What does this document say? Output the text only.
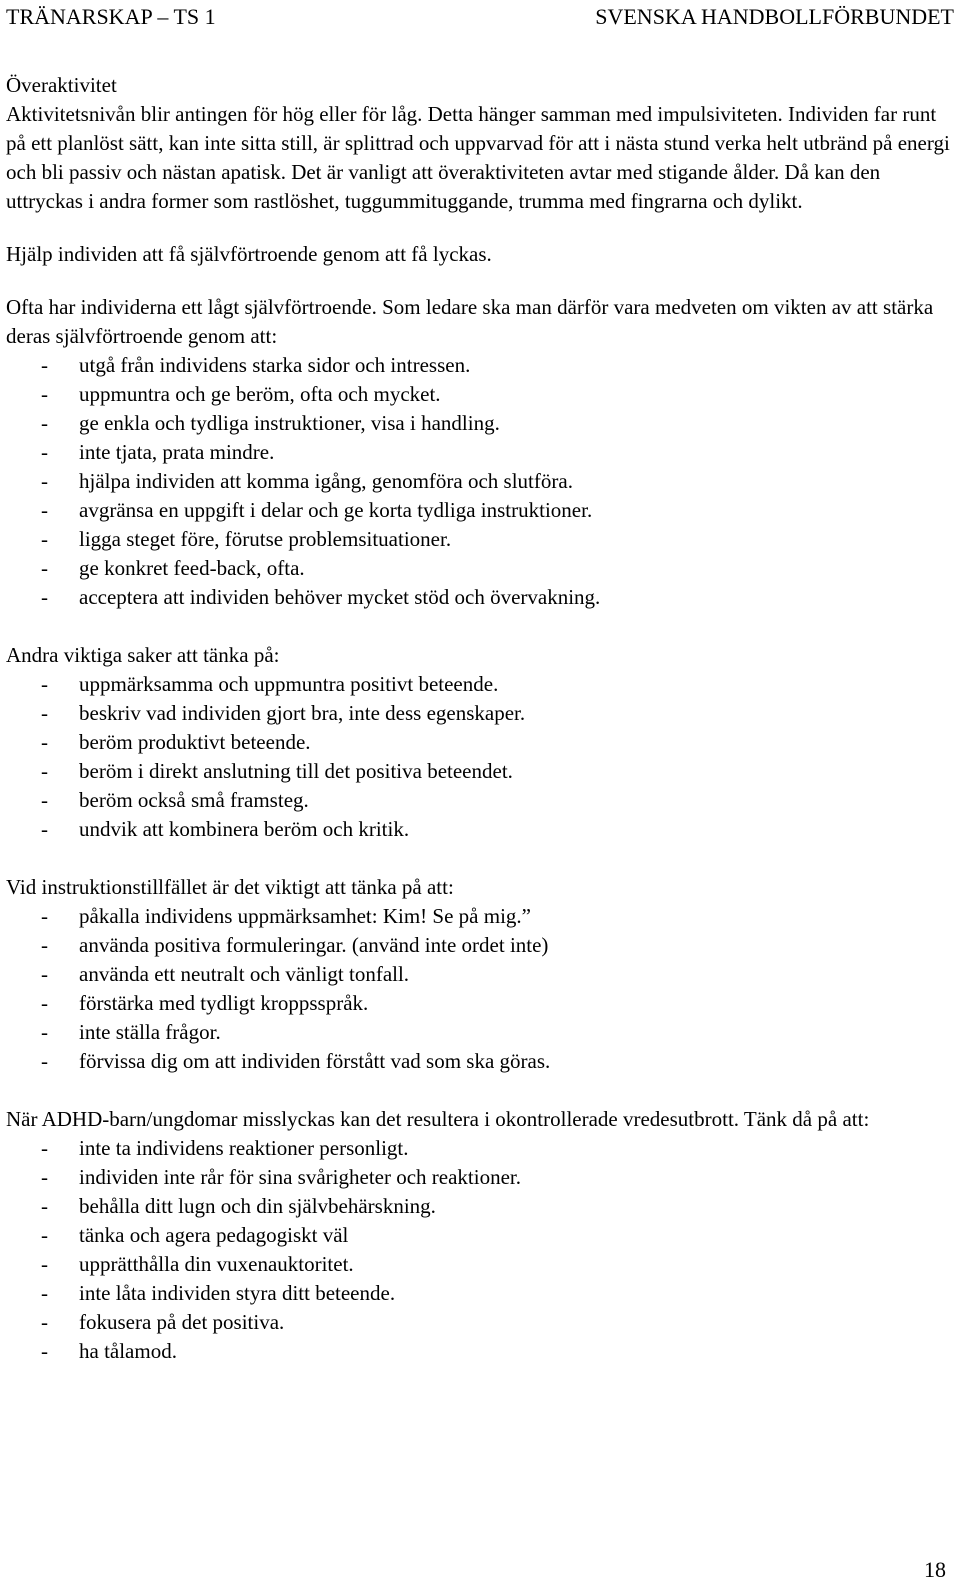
TRÄNARSKAP – TS 1	SVENSKA HANDBOLLFÖRBUNDET

Överaktivitet

Aktivitetsnivån blir antingen för hög eller för låg. Detta hänger samman med impulsiviteten. Individen far runt på ett planlöst sätt, kan inte sitta still, är splittrad och uppvarvad för att i nästa stund verka helt utbränd på energi och bli passiv och nästan apatisk. Det är vanligt att överaktiviteten avtar med stigande ålder. Då kan den uttryckas i andra former som rastlöshet, tuggummituggande, trumma med fingrarna och dylikt.

Hjälp individen att få självförtroende genom att få lyckas.

Ofta har individerna ett lågt självförtroende. Som ledare ska man därför vara medveten om vikten av att stärka deras självförtroende genom att:

- utgå från individens starka sidor och intressen.
- uppmuntra och ge beröm, ofta och mycket.
- ge enkla och tydliga instruktioner, visa i handling.
- inte tjata, prata mindre.
- hjälpa individen att komma igång, genomföra och slutföra.
- avgränsa en uppgift i delar och ge korta tydliga instruktioner.
- ligga steget före, förutse problemsituationer.
- ge konkret feed-back, ofta.
- acceptera att individen behöver mycket stöd och övervakning.

Andra viktiga saker att tänka på:

- uppmärksamma och uppmuntra positivt beteende.
- beskriv vad individen gjort bra, inte dess egenskaper.
- beröm produktivt beteende.
- beröm i direkt anslutning till det positiva beteendet.
- beröm också små framsteg.
- undvik att kombinera beröm och kritik.

Vid instruktionstillfället är det viktigt att tänka på att:

- påkalla individens uppmärksamhet: Kim! Se på mig.”
- använda positiva formuleringar. (använd inte ordet inte)
- använda ett neutralt och vänligt tonfall.
- förstärka med tydligt kroppsspråk.
- inte ställa frågor.
- förvissa dig om att individen förstått vad som ska göras.

När ADHD-barn/ungdomar misslyckas kan det resultera i okontrollerade vredesutbrott. Tänk då på att:

- inte ta individens reaktioner personligt.
- individen inte rår för sina svårigheter och reaktioner.
- behålla ditt lugn och din självbehärskning.
- tänka och agera pedagogiskt väl
- upprätthålla din vuxenauktoritet.
- inte låta individen styra ditt beteende.
- fokusera på det positiva.
- ha tålamod.
18
